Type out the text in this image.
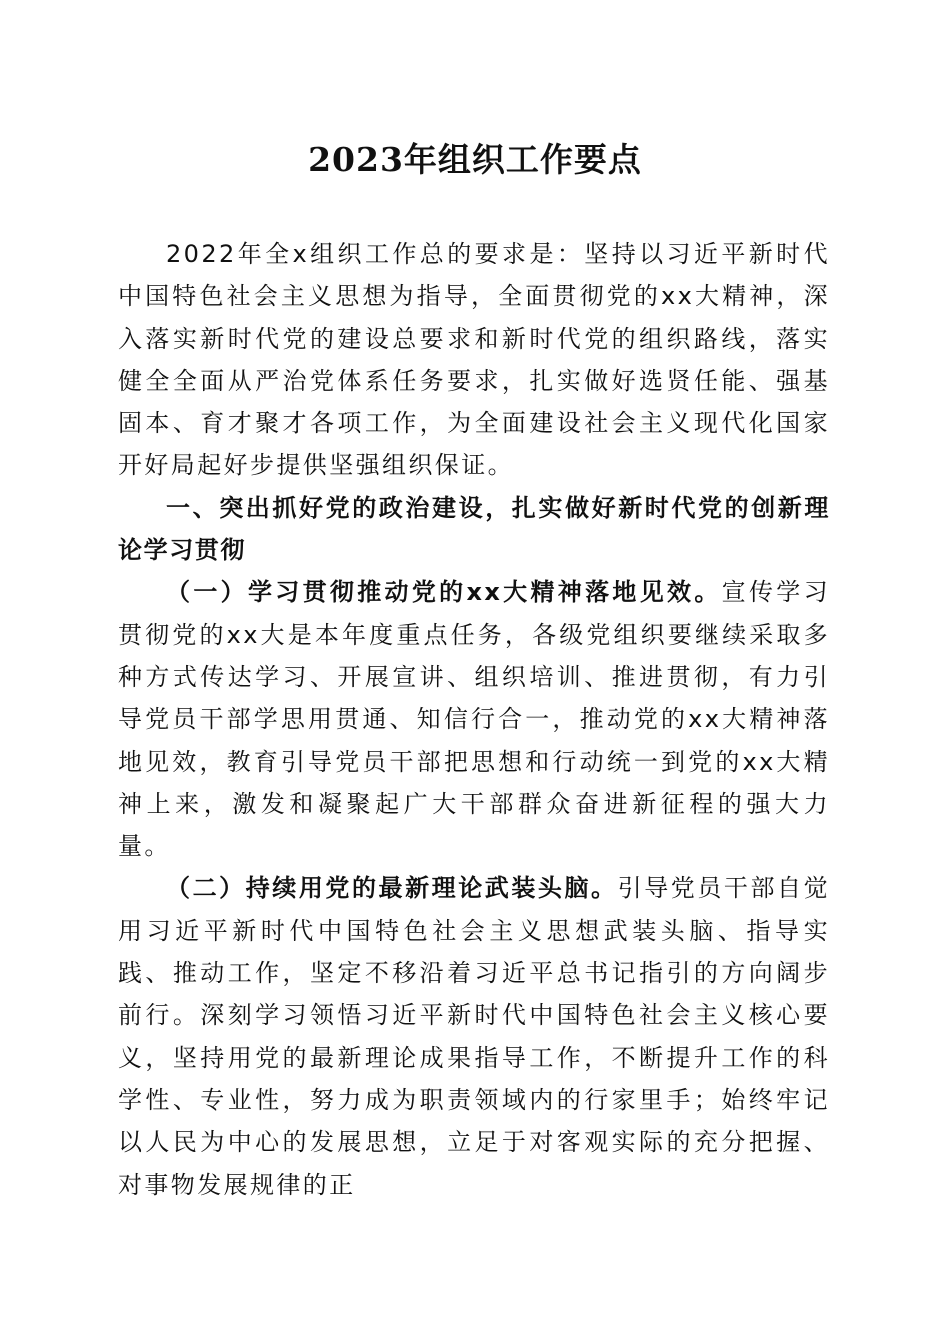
2023年组织工作要点

2022年全x组织工作总的要求是：坚持以习近平新时代中国特色社会主义思想为指导，全面贯彻党的xx大精神，深入落实新时代党的建设总要求和新时代党的组织路线，落实健全全面从严治党体系任务要求，扎实做好选贤任能、强基固本、育才聚才各项工作，为全面建设社会主义现代化国家开好局起好步提供坚强组织保证。

一、突出抓好党的政治建设，扎实做好新时代党的创新理论学习贯彻

（一）学习贯彻推动党的xx大精神落地见效。宣传学习贯彻党的xx大是本年度重点任务，各级党组织要继续采取多种方式传达学习、开展宣讲、组织培训、推进贯彻，有力引导党员干部学思用贯通、知信行合一，推动党的xx大精神落地见效，教育引导党员干部把思想和行动统一到党的xx大精神上来，激发和凝聚起广大干部群众奋进新征程的强大力量。

（二）持续用党的最新理论武装头脑。引导党员干部自觉用习近平新时代中国特色社会主义思想武装头脑、指导实践、推动工作，坚定不移沿着习近平总书记指引的方向阔步前行。深刻学习领悟习近平新时代中国特色社会主义核心要义，坚持用党的最新理论成果指导工作，不断提升工作的科学性、专业性，努力成为职责领域内的行家里手；始终牢记以人民为中心的发展思想，立足于对客观实际的充分把握、对事物发展规律的正
